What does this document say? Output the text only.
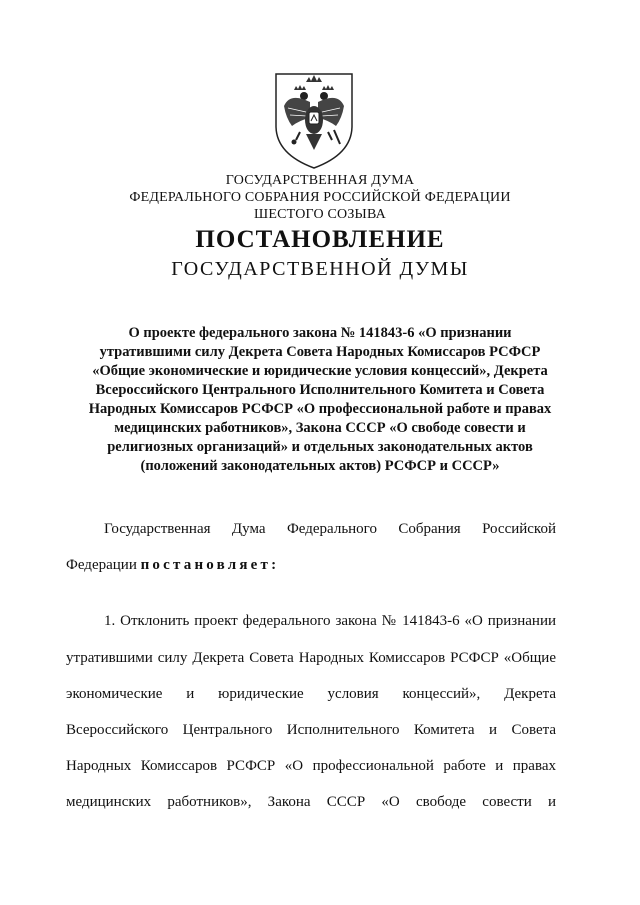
ГОСУДАРСТВЕННАЯ ДУМА
ФЕДЕРАЛЬНОГО СОБРАНИЯ РОССИЙСКОЙ ФЕДЕРАЦИИ
ШЕСТОГО СОЗЫВА
ПОСТАНОВЛЕНИЕ
ГОСУДАРСТВЕННОЙ ДУМЫ
О проекте федерального закона № 141843-6 «О признании
утратившими силу Декрета Совета Народных Комиссаров РСФСР
«Общие экономические и юридические условия концессий», Декрета
Всероссийского Центрального Исполнительного Комитета и Совета
Народных Комиссаров РСФСР «О профессиональной работе и правах
медицинских работников», Закона СССР «О свободе совести и
религиозных организаций» и отдельных законодательных актов
(положений законодательных актов) РСФСР и СССР»
Государственная Дума Федерального Собрания Российской
Федерации постановляет:
1. Отклонить проект федерального закона № 141843-6 «О признании
утратившими силу Декрета Совета Народных Комиссаров РСФСР «Общие
экономические и юридические условия концессий», Декрета
Всероссийского Центрального Исполнительного Комитета и Совета
Народных Комиссаров РСФСР «О профессиональной работе и правах
медицинских работников», Закона СССР «О свободе совести и
